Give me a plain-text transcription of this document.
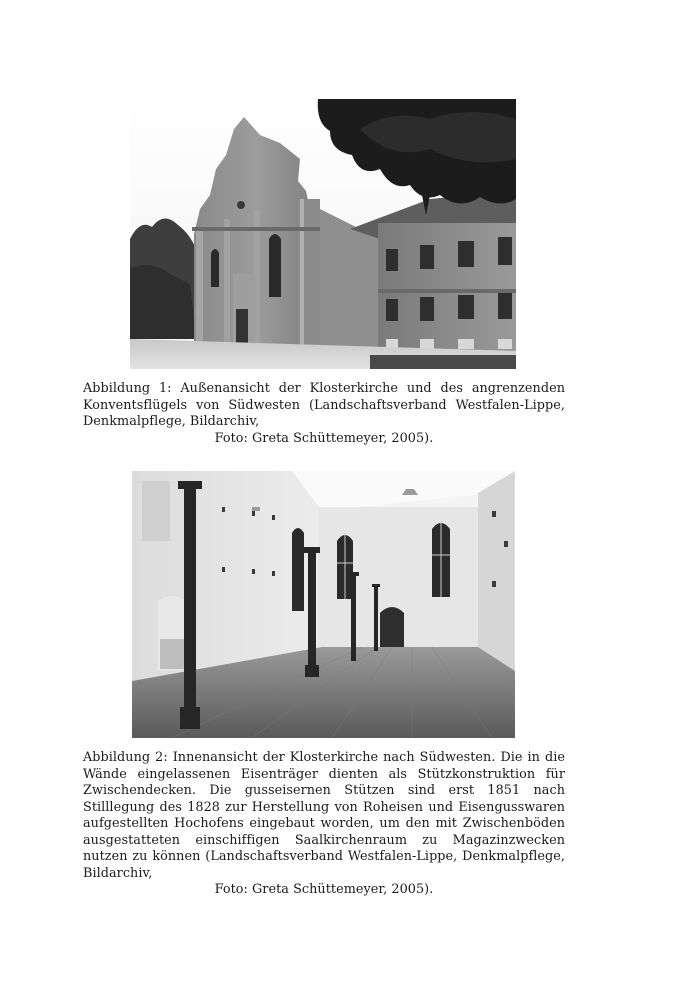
Abbildung 1: Außenansicht der Klosterkirche und des angrenzenden Konventsflügels von Südwesten (Landschaftsverband Westfalen-Lippe, Denkmalpflege, Bildarchiv,
Foto: Greta Schüttemeyer, 2005).
Abbildung 2: Innenansicht der Klosterkirche nach Südwesten. Die in die Wände eingelassenen Eisenträger dienten als Stützkonstruktion für Zwischendecken. Die gusseisernen Stützen sind erst 1851 nach Stilllegung des 1828 zur Herstellung von Roheisen und Eisengusswaren aufgestellten Hochofens eingebaut worden, um den mit Zwischenböden ausgestatteten einschiffigen Saalkirchenraum zu Magazinzwecken nutzen zu können (Landschaftsverband Westfalen-Lippe, Denkmalpflege, Bildarchiv,
Foto: Greta Schüttemeyer, 2005).
